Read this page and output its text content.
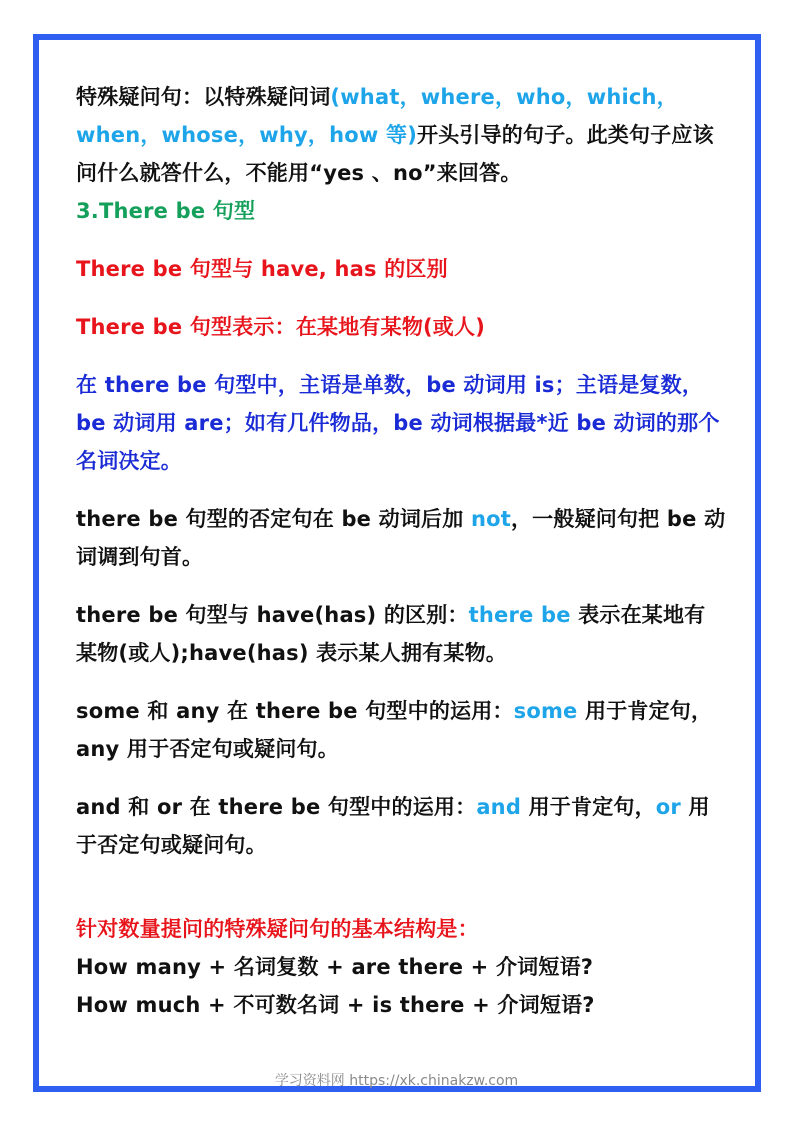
特殊疑问句：以特殊疑问词(what，where，who，which，when，whose，why，how 等)开头引导的句子。此类句子应该问什么就答什么，不能用“yes 、no”来回答。

3.There be 句型

There be 句型与 have, has 的区别

There be 句型表示：在某地有某物(或人)

在 there be 句型中，主语是单数，be 动词用 is；主语是复数，be 动词用 are；如有几件物品，be 动词根据最*近 be 动词的那个名词决定。

there be 句型的否定句在 be 动词后加 not，一般疑问句把 be 动词调到句首。

there be 句型与 have(has) 的区别：there be 表示在某地有某物(或人);have(has) 表示某人拥有某物。

some 和 any 在 there be 句型中的运用：some 用于肯定句， any 用于否定句或疑问句。

and 和 or 在 there be 句型中的运用：and 用于肯定句，or 用于否定句或疑问句。

针对数量提问的特殊疑问句的基本结构是：

How many + 名词复数 + are there + 介词短语?

How much + 不可数名词 + is there + 介词短语?

学习资料网 https://xk.chinakzw.com
